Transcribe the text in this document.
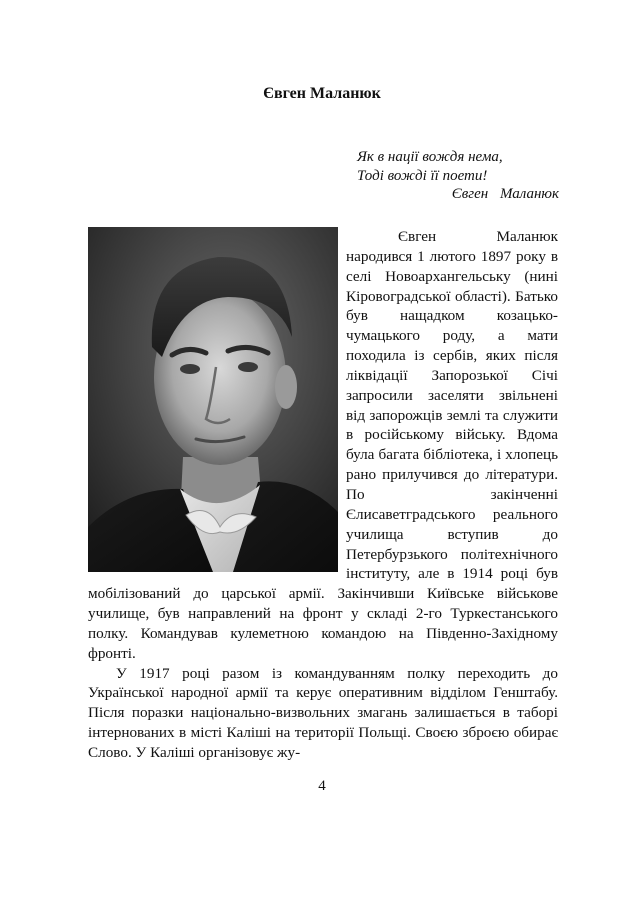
Євген Маланюк
Як в нації вождя нема,
Тоді вожді її поети!
Євген Маланюк

Євген Маланюк народився 1 лютого 1897 року в селі Новоархангельську (нині Кіровоградської області). Батько був нащадком козацько-чумацького роду, а мати походила із сербів, яких після ліквідації Запорозької Січі запросили заселяти звільнені від запорожців землі та служити в російському війську. Вдома була багата бібліотека, і хлопець рано прилучився до літератури. По закінченні Єлисаветградського реального училища вступив до Петербурзького політехнічного інституту, але в 1914 році був мобілізований до царської армії. Закінчивши Київське військове училище, був направлений на фронт у складі 2-го Туркестанського полку. Командував кулеметною командою на Південно-Західному фронті.

У 1917 році разом із командуванням полку переходить до Української народної армії та керує оперативним відділом Генштабу. Після поразки національно-визвольних змагань залишається в таборі інтернованих в місті Каліші на території Польщі. Своєю зброєю обирає Слово. У Каліші організовує жу-

4
